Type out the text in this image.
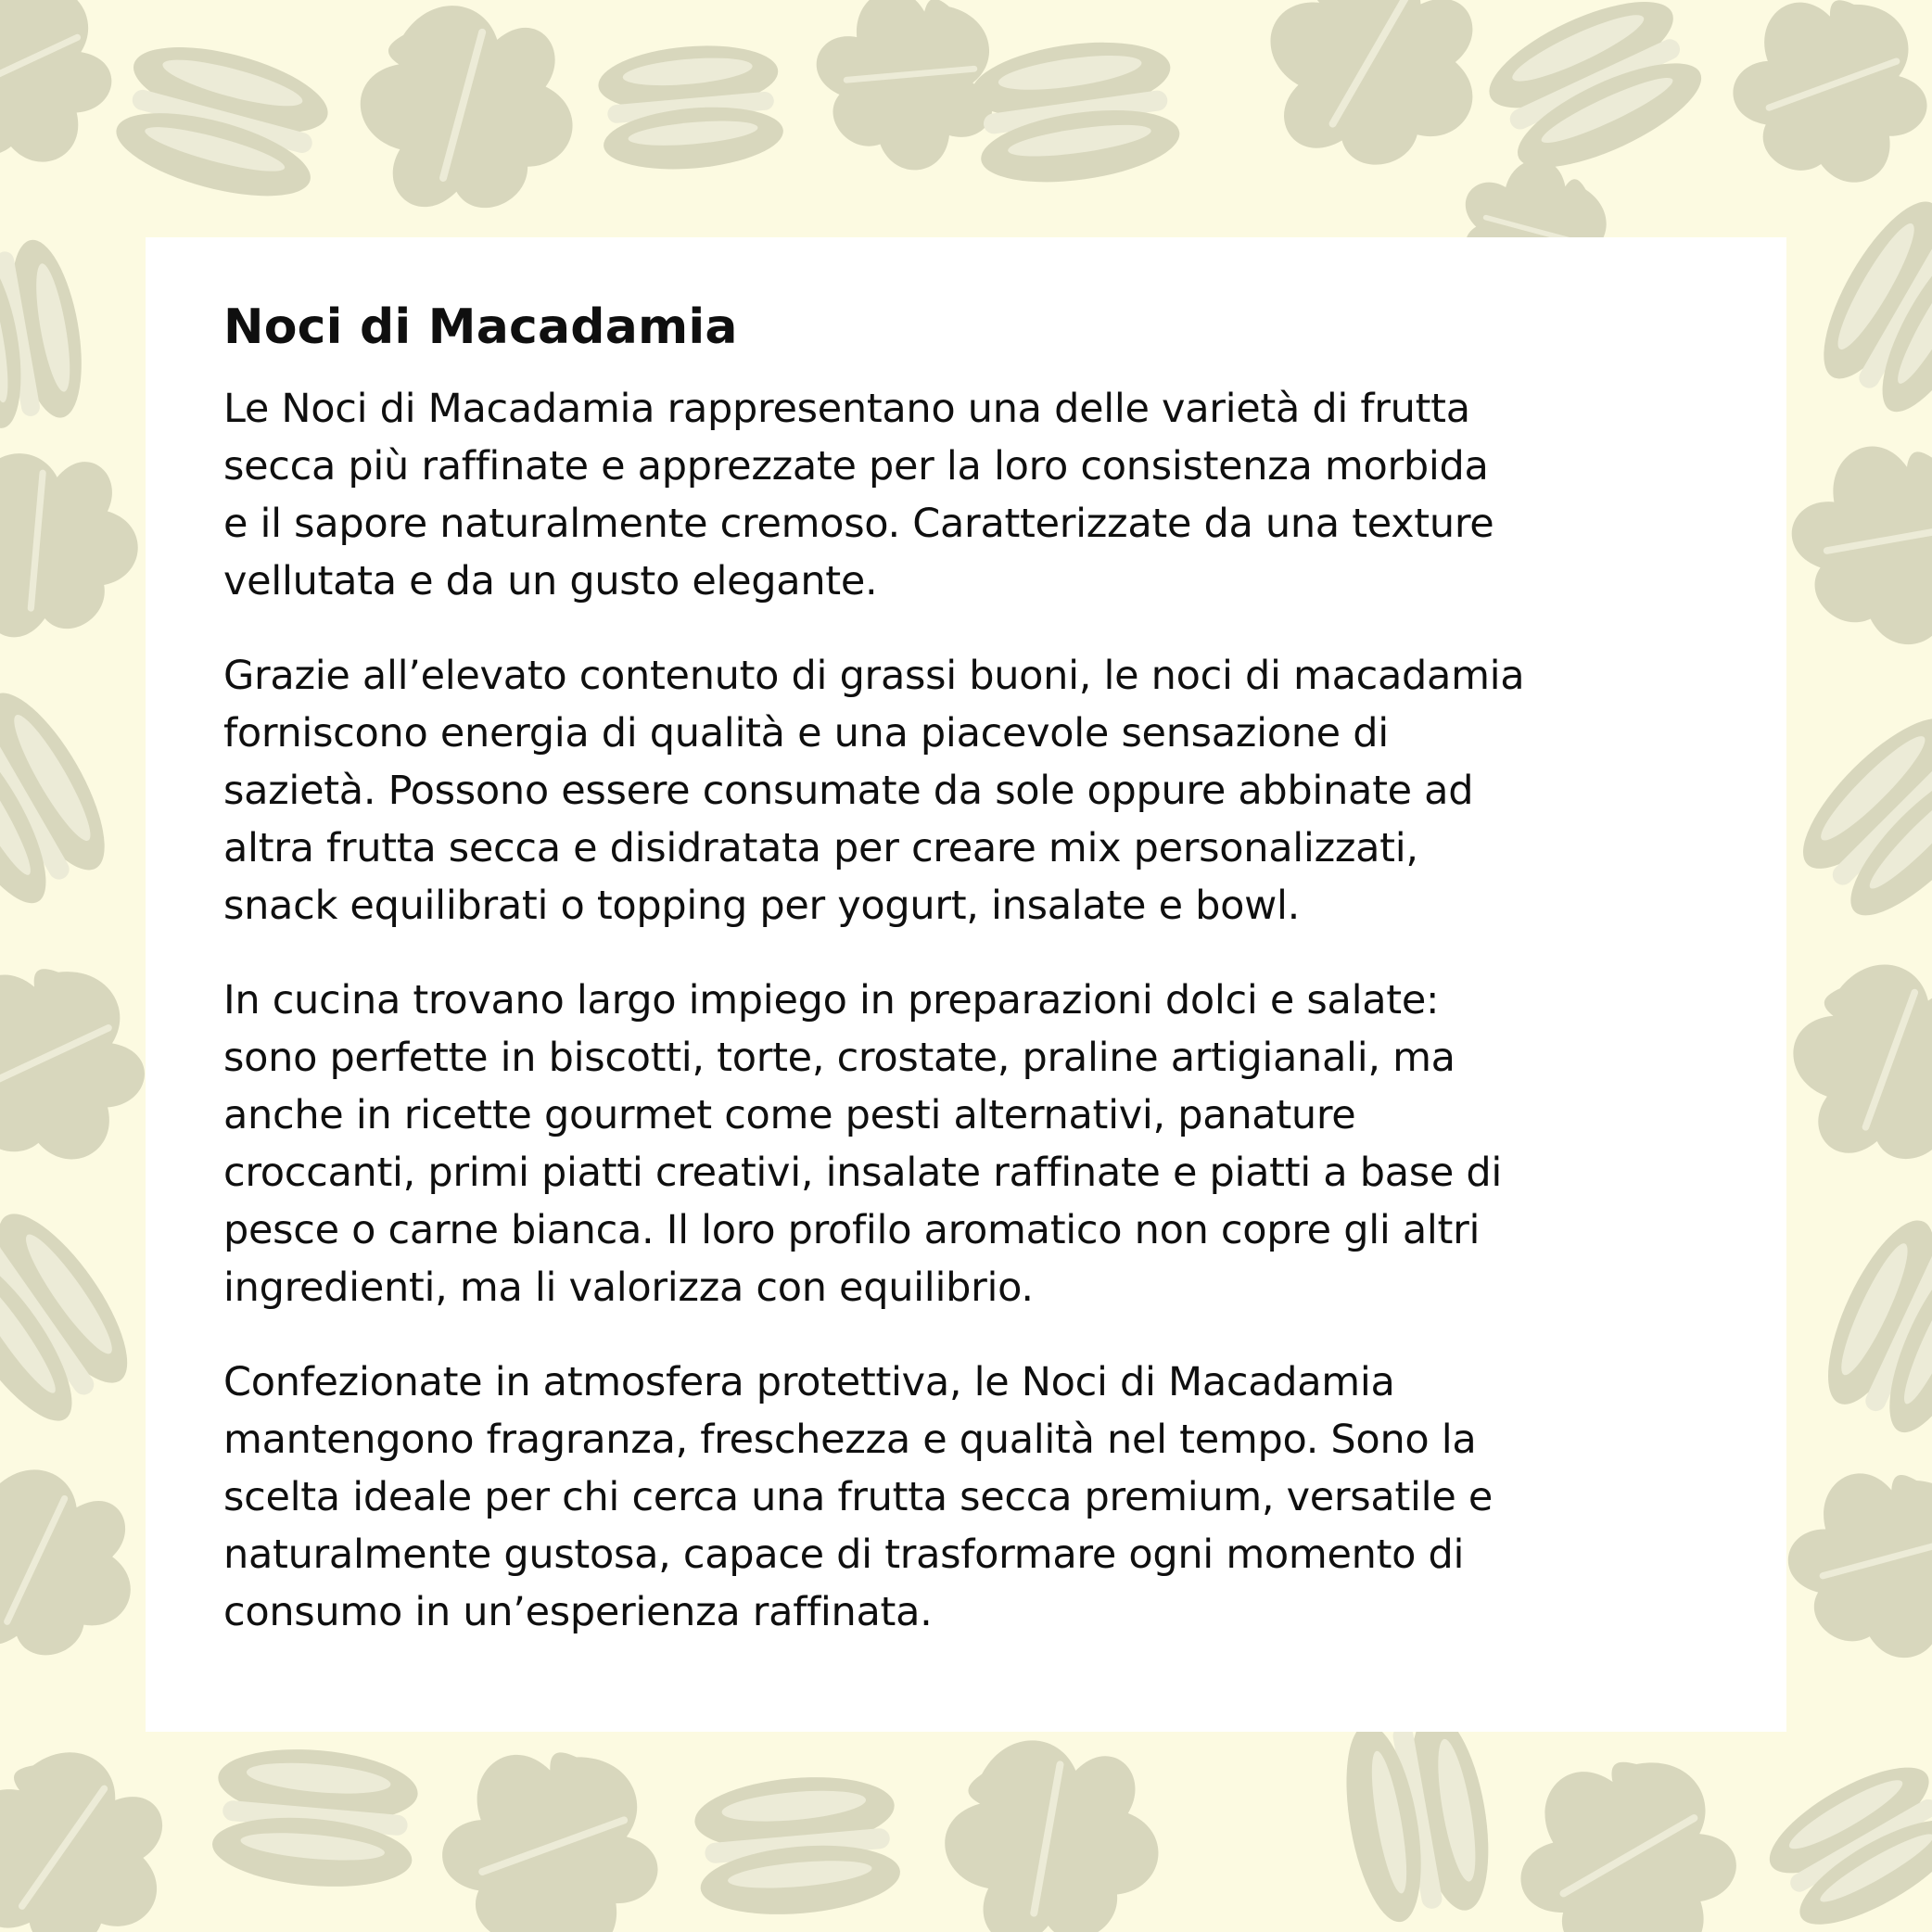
Noci di Macadamia

Le Noci di Macadamia rappresentano una delle varietà di frutta
secca più raffinate e apprezzate per la loro consistenza morbida
e il sapore naturalmente cremoso. Caratterizzate da una texture
vellutata e da un gusto elegante.

Grazie all’elevato contenuto di grassi buoni, le noci di macadamia
forniscono energia di qualità e una piacevole sensazione di
sazietà. Possono essere consumate da sole oppure abbinate ad
altra frutta secca e disidratata per creare mix personalizzati,
snack equilibrati o topping per yogurt, insalate e bowl.

In cucina trovano largo impiego in preparazioni dolci e salate:
sono perfette in biscotti, torte, crostate, praline artigianali, ma
anche in ricette gourmet come pesti alternativi, panature
croccanti, primi piatti creativi, insalate raffinate e piatti a base di
pesce o carne bianca. Il loro profilo aromatico non copre gli altri
ingredienti, ma li valorizza con equilibrio.

Confezionate in atmosfera protettiva, le Noci di Macadamia
mantengono fragranza, freschezza e qualità nel tempo. Sono la
scelta ideale per chi cerca una frutta secca premium, versatile e
naturalmente gustosa, capace di trasformare ogni momento di
consumo in un’esperienza raffinata.
